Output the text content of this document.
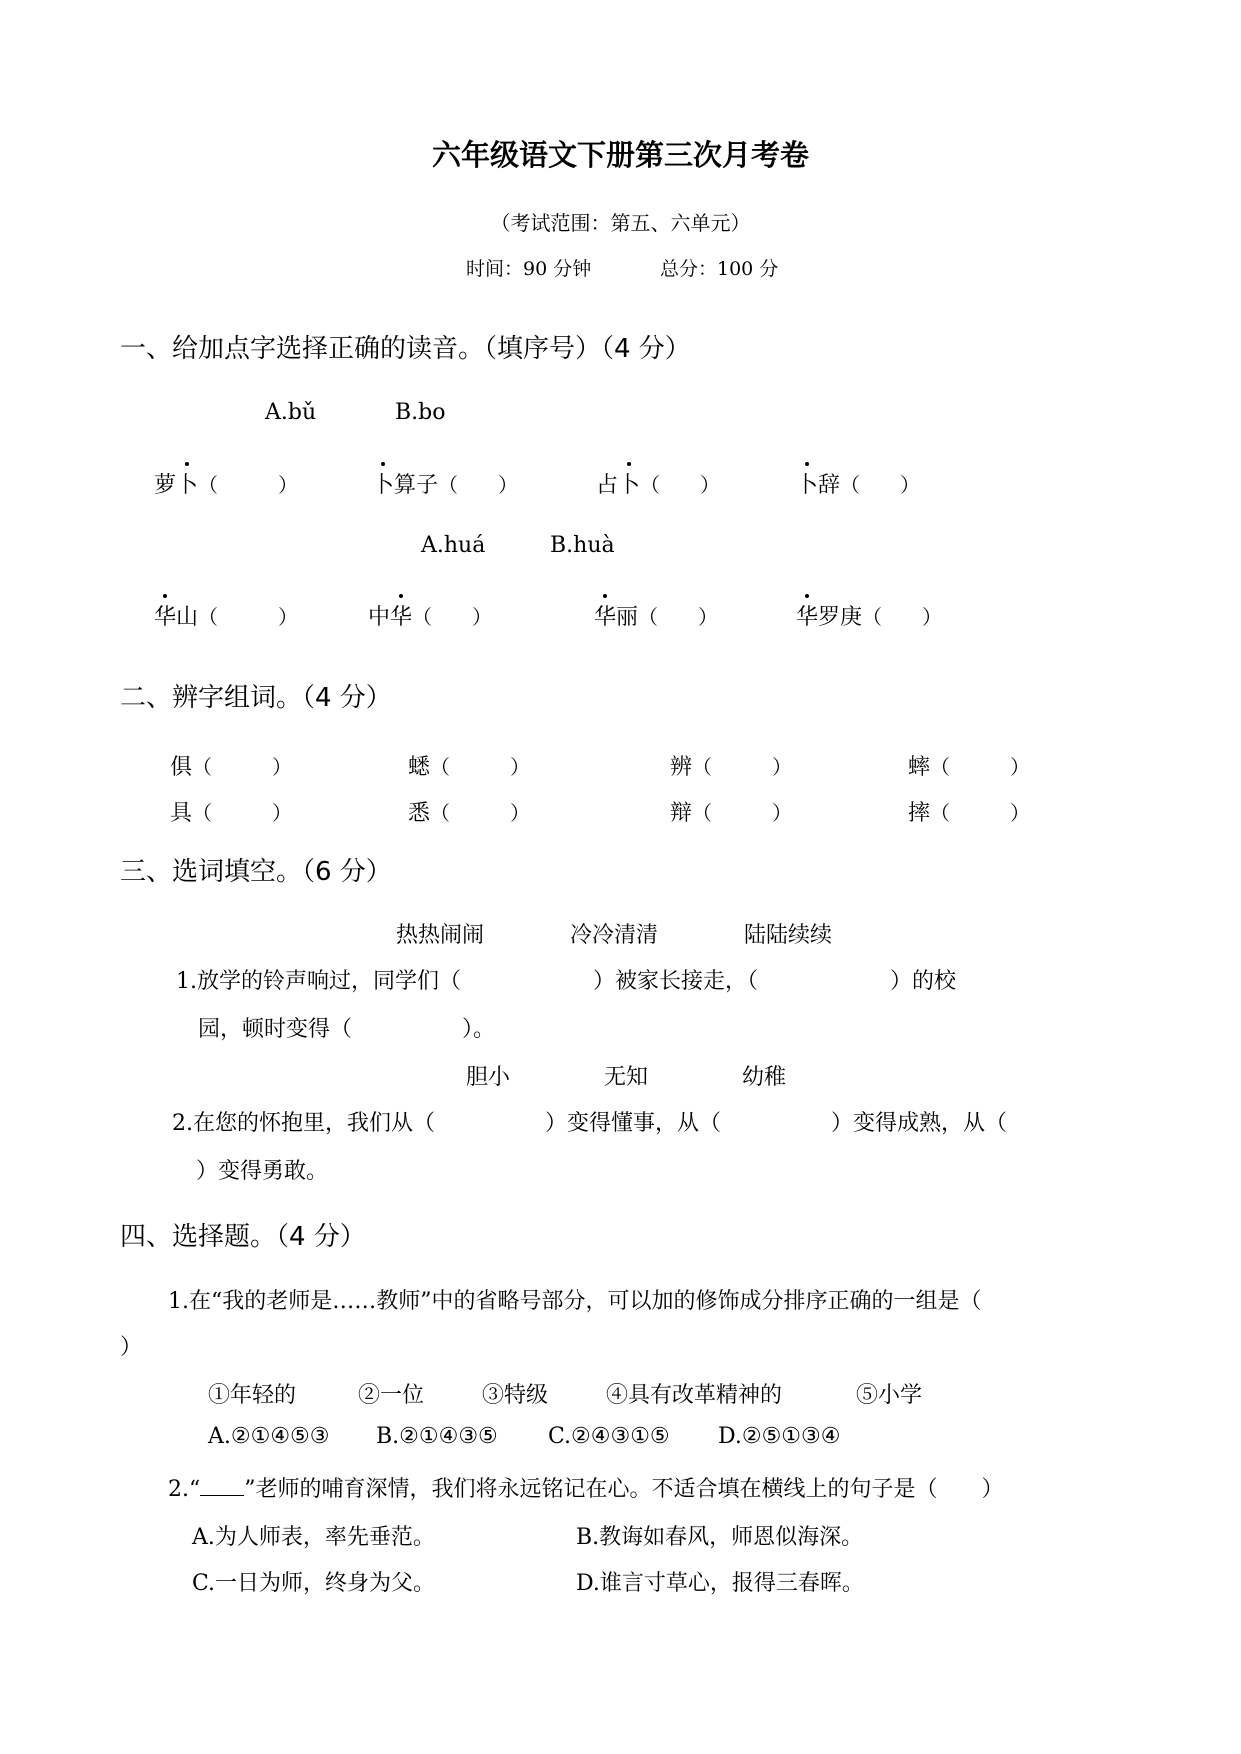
六年级语文下册第三次月考卷
（考试范围：第五、六单元）
时间：90 分钟	总分：100 分
一、给加点字选择正确的读音。（填序号）（4 分）
A.bǔ	B.bo
萝卜（　　　）	卜算子（　　）	占卜（　　）	卜辞（　　）
A.huá	B.huà
华山（　　　）	中华（　　）	华丽（　　）	华罗庚（　　）
二、辨字组词。（4 分）
俱（　　　）	蟋（　　　）	辨（　　　）	蟀（　　　）
具（　　　）	悉（　　　）	辩（　　　）	摔（　　　）
三、选词填空。（6 分）
热热闹闹	冷冷清清	陆陆续续
1.放学的铃声响过，同学们（　　　　　　）被家长接走，（　　　　　　）的校
园，顿时变得（　　　　　）。
胆小	无知	幼稚
2.在您的怀抱里，我们从（　　　　　）变得懂事，从（　　　　　）变得成熟，从（
）变得勇敢。
四、选择题。（4 分）
1.在“我的老师是……教师”中的省略号部分，可以加的修饰成分排序正确的一组是（
）
①年轻的	②一位	③特级	④具有改革精神的	⑤小学
A.②①④⑤③ B.②①④③⑤ C.②④③①⑤ D.②⑤①③④
2.“ ”老师的哺育深情，我们将永远铭记在心。不适合填在横线上的句子是（　　）
A.为人师表，率先垂范。	B.教诲如春风，师恩似海深。
C.一日为师，终身为父。	D.谁言寸草心，报得三春晖。
